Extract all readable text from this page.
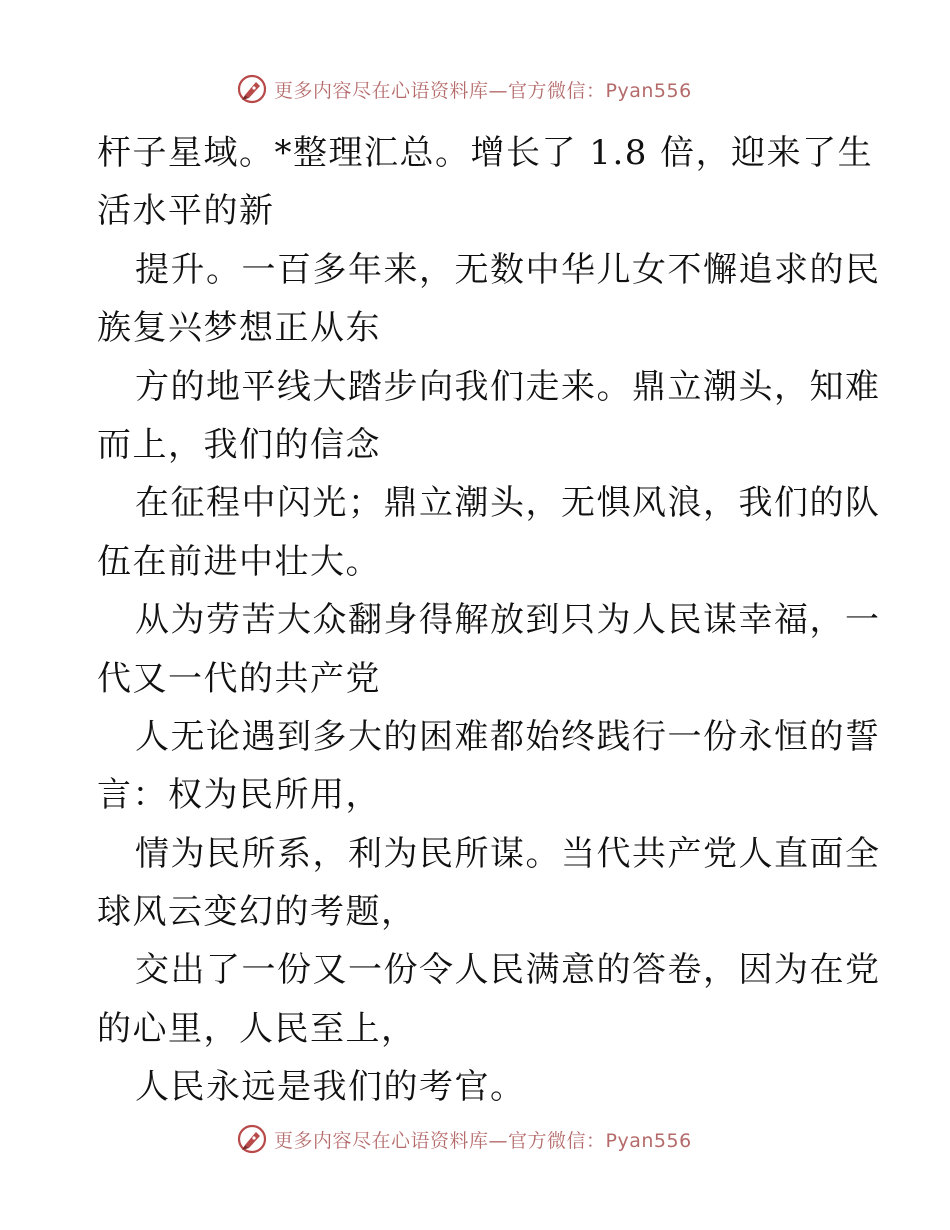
更多内容尽在心语资料库—官方微信：Pyan556
杆子星域。*整理汇总。增长了 1.8 倍，迎来了生
活水平的新
提升。一百多年来，无数中华儿女不懈追求的民
族复兴梦想正从东
方的地平线大踏步向我们走来。鼎立潮头，知难
而上，我们的信念
在征程中闪光；鼎立潮头，无惧风浪，我们的队
伍在前进中壮大。
从为劳苦大众翻身得解放到只为人民谋幸福，一
代又一代的共产党
人无论遇到多大的困难都始终践行一份永恒的誓
言：权为民所用，
情为民所系，利为民所谋。当代共产党人直面全
球风云变幻的考题，
交出了一份又一份令人民满意的答卷，因为在党
的心里，人民至上，
人民永远是我们的考官。
更多内容尽在心语资料库—官方微信：Pyan556
